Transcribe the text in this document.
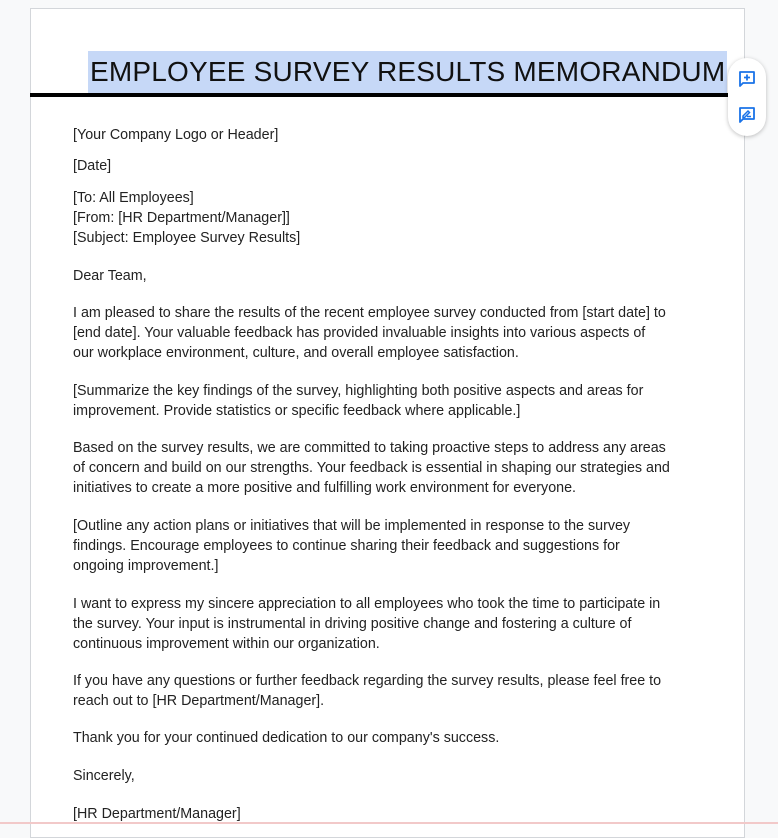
EMPLOYEE SURVEY RESULTS MEMORANDUM
[Your Company Logo or Header]
[Date]
[To: All Employees]
[From: [HR Department/Manager]]
[Subject: Employee Survey Results]
Dear Team,
I am pleased to share the results of the recent employee survey conducted from [start date] to
[end date]. Your valuable feedback has provided invaluable insights into various aspects of
our workplace environment, culture, and overall employee satisfaction.
[Summarize the key findings of the survey, highlighting both positive aspects and areas for
improvement. Provide statistics or specific feedback where applicable.]
Based on the survey results, we are committed to taking proactive steps to address any areas
of concern and build on our strengths. Your feedback is essential in shaping our strategies and
initiatives to create a more positive and fulfilling work environment for everyone.
[Outline any action plans or initiatives that will be implemented in response to the survey
findings. Encourage employees to continue sharing their feedback and suggestions for
ongoing improvement.]
I want to express my sincere appreciation to all employees who took the time to participate in
the survey. Your input is instrumental in driving positive change and fostering a culture of
continuous improvement within our organization.
If you have any questions or further feedback regarding the survey results, please feel free to
reach out to [HR Department/Manager].
Thank you for your continued dedication to our company's success.
Sincerely,
[HR Department/Manager]
